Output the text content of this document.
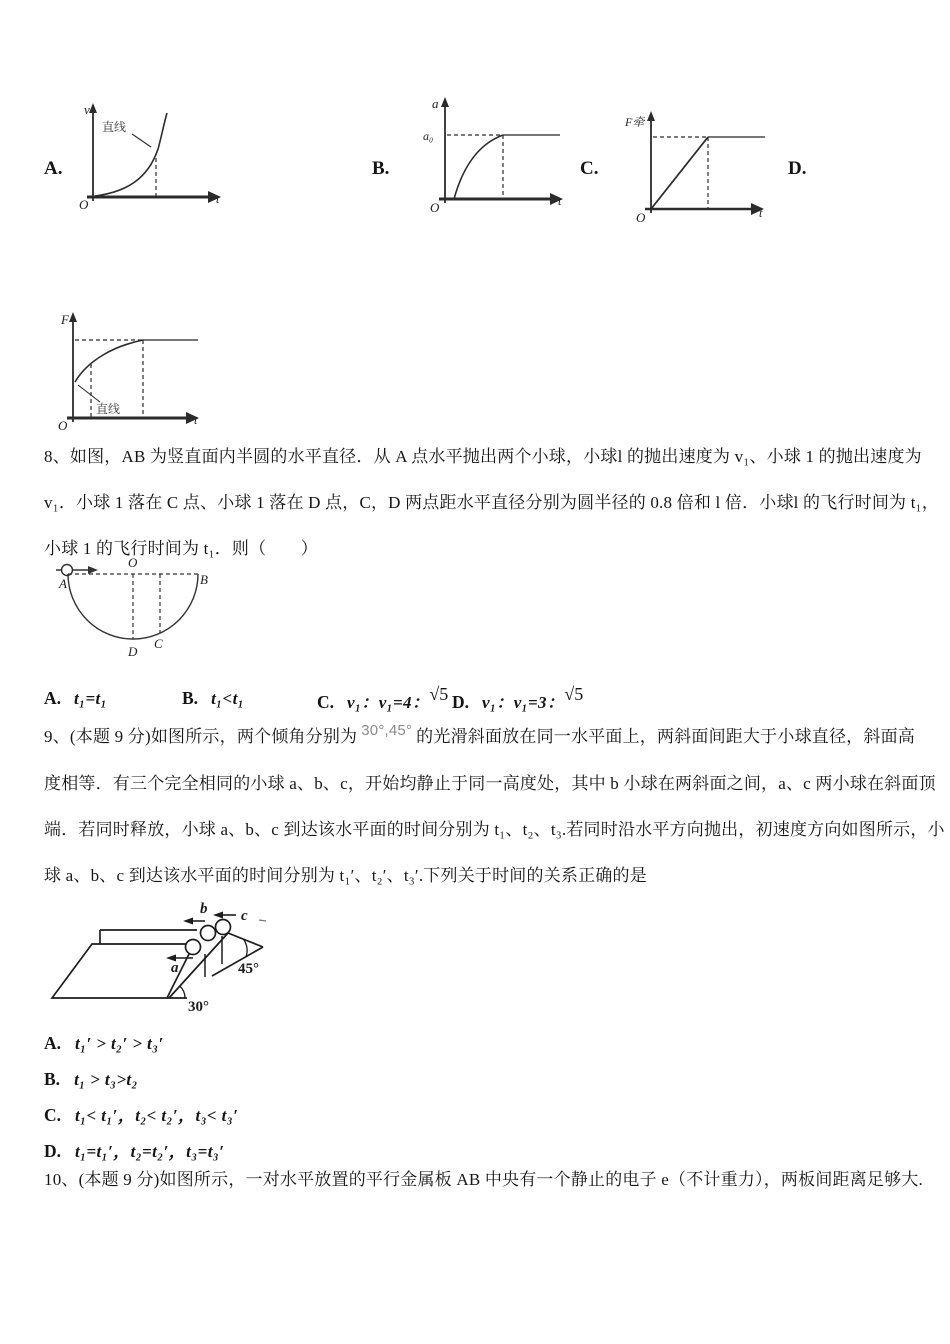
A.
v
t
O
直线
B.
a
a₀
t
O
C.
F牵
t
O
D.
F
t
O
直线
8、如图，AB 为竖直面内半圆的水平直径．从 A 点水平抛出两个小球，小球l 的抛出速度为 v₁、小球 1 的抛出速度为
v₁．小球 1 落在 C 点、小球 1 落在 D 点，C，D 两点距水平直径分别为圆半径的 0.8 倍和 l 倍．小球l 的飞行时间为 t₁，
小球 1 的飞行时间为 t₁．则（　　）
O
A	B
C
D
A. t₁=t₁	B. t₁<t₁	C. v₁：v₁=4：√5 D. v₁：v₁=3：√5
9、(本题 9 分)如图所示，两个倾角分别为 30°,45° 的光滑斜面放在同一水平面上，两斜面间距大于小球直径，斜面高
度相等．有三个完全相同的小球 a、b、c，开始均静止于同一高度处，其中 b 小球在两斜面之间，a、c 两小球在斜面顶
端．若同时释放，小球 a、b、c 到达该水平面的时间分别为 t₁、t₂、t₃.若同时沿水平方向抛出，初速度方向如图所示，小
球 a、b、c 到达该水平面的时间分别为 t₁′、t₂′、t₃′.下列关于时间的关系正确的是
a
b c
30°
45°
A. t₁′ > t₂′ > t₃′
B. t₁ > t₃>t₂
C. t₁< t₁′，t₂< t₂′，t₃< t₃′
D. t₁=t₁′，t₂=t₂′，t₃=t₃′
10、(本题 9 分)如图所示，一对水平放置的平行金属板 AB 中央有一个静止的电子 e（不计重力），两板间距离足够大.
